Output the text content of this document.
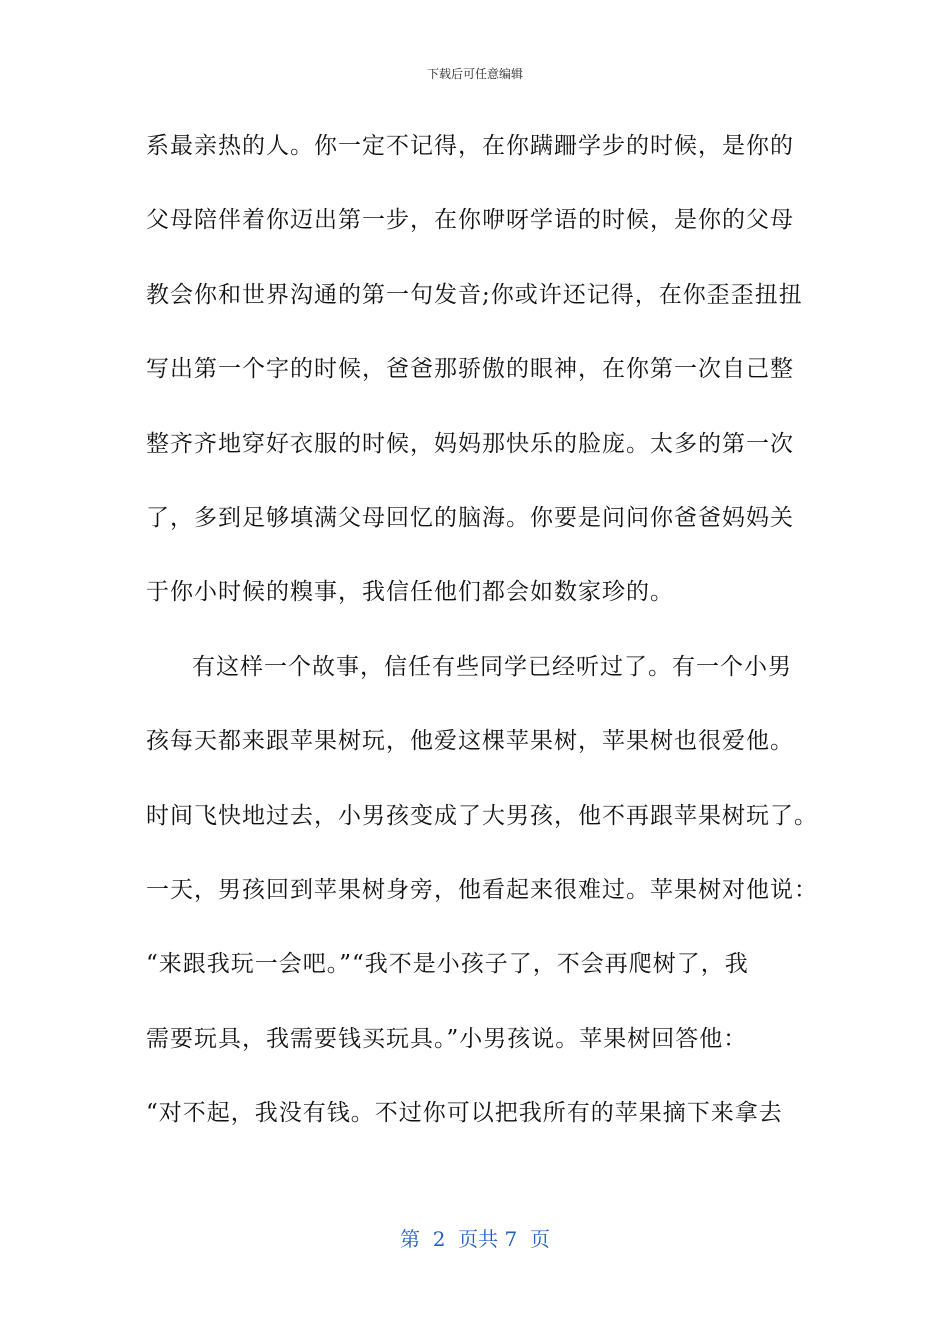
下载后可任意编辑
系最亲热的人。你一定不记得，在你蹒跚学步的时候，是你的
父母陪伴着你迈出第一步，在你咿呀学语的时候，是你的父母
教会你和世界沟通的第一句发音;你或许还记得，在你歪歪扭扭
写出第一个字的时候，爸爸那骄傲的眼神，在你第一次自己整
整齐齐地穿好衣服的时候，妈妈那快乐的脸庞。太多的第一次
了，多到足够填满父母回忆的脑海。你要是问问你爸爸妈妈关
于你小时候的糗事，我信任他们都会如数家珍的。
有这样一个故事，信任有些同学已经听过了。有一个小男
孩每天都来跟苹果树玩，他爱这棵苹果树，苹果树也很爱他。
时间飞快地过去，小男孩变成了大男孩，他不再跟苹果树玩了。
一天，男孩回到苹果树身旁，他看起来很难过。苹果树对他说：
“来跟我玩一会吧。”“我不是小孩子了，不会再爬树了，我
需要玩具，我需要钱买玩具。”小男孩说。苹果树回答他：
“对不起，我没有钱。不过你可以把我所有的苹果摘下来拿去
第  2  页共 7  页
